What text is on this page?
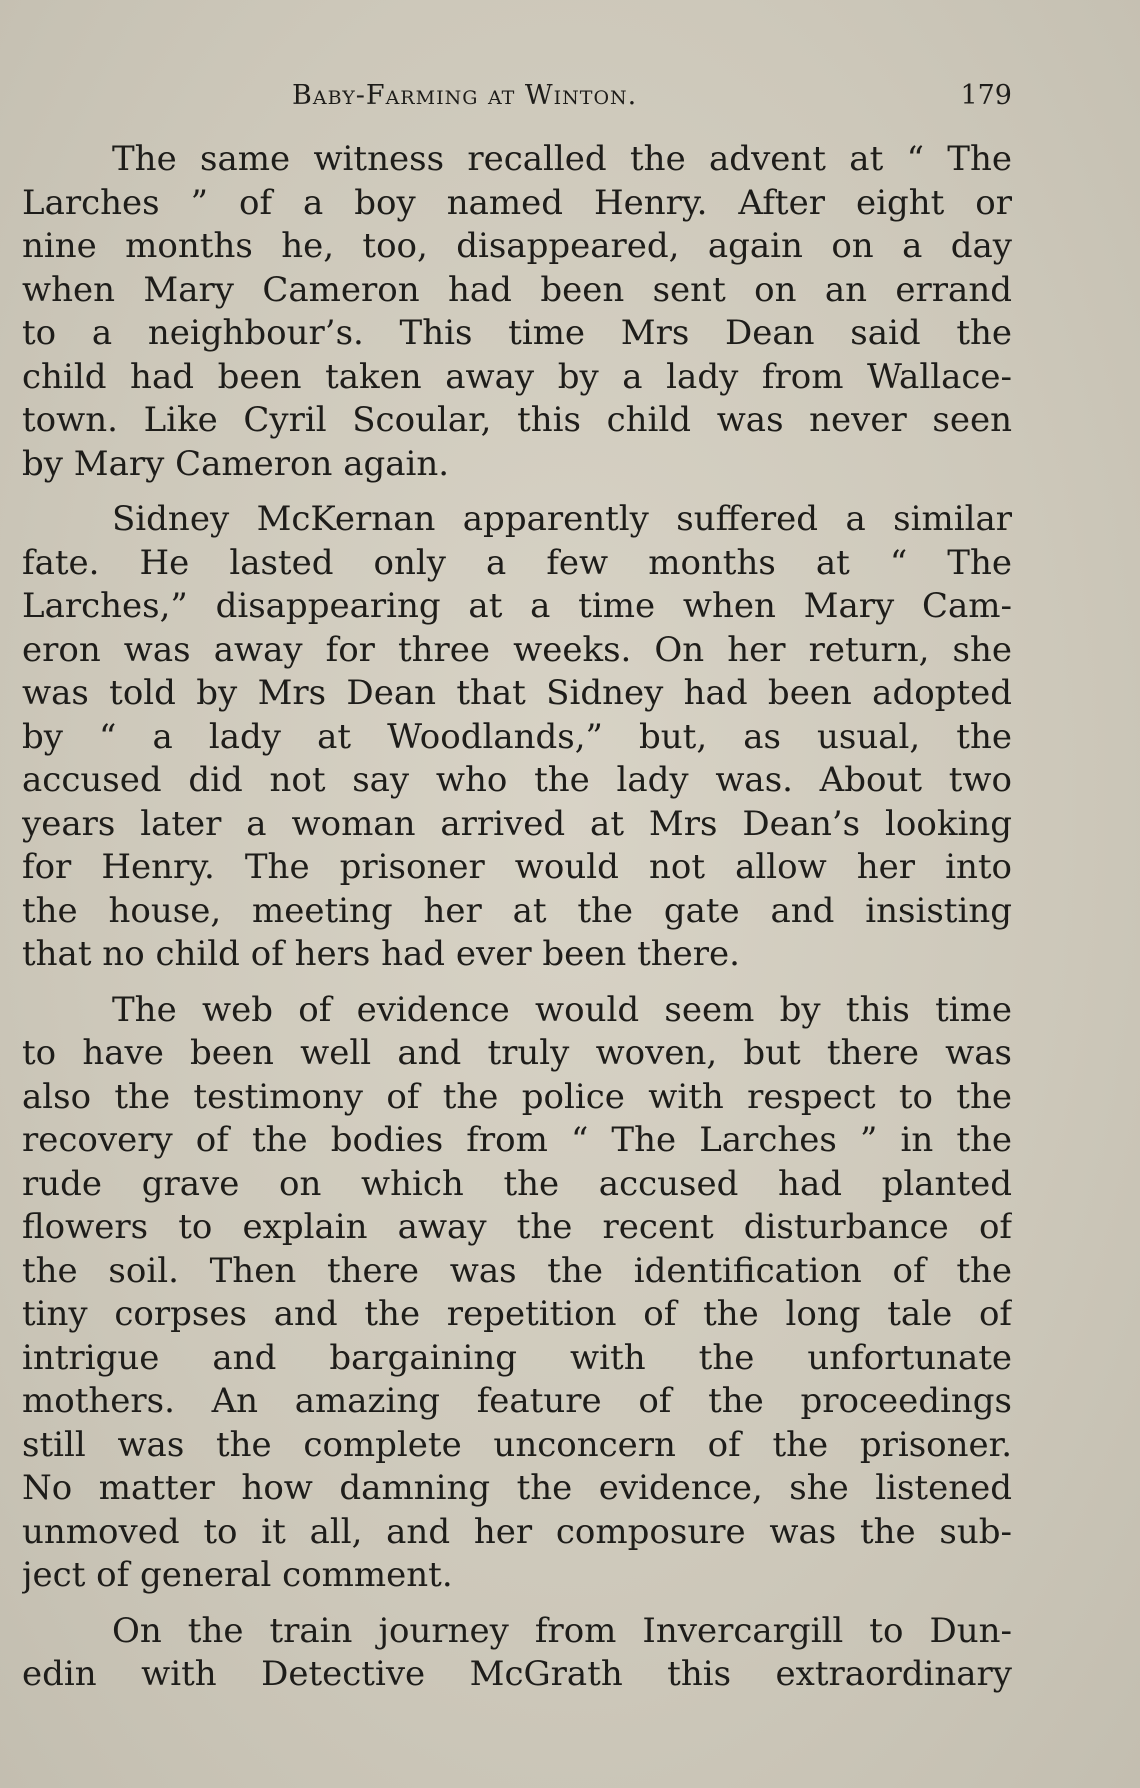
Baby-Farming at Winton.	179
The same witness recalled the advent at “ The
Larches ” of a boy named Henry. After eight or
nine months he, too, disappeared, again on a day
when Mary Cameron had been sent on an errand
to a neighbour’s. This time Mrs Dean said the
child had been taken away by a lady from Wallace-
town. Like Cyril Scoular, this child was never seen
by Mary Cameron again.
Sidney McKernan apparently suffered a similar
fate. He lasted only a few months at “ The
Larches,” disappearing at a time when Mary Cam-
eron was away for three weeks. On her return, she
was told by Mrs Dean that Sidney had been adopted
by “ a lady at Woodlands,” but, as usual, the
accused did not say who the lady was. About two
years later a woman arrived at Mrs Dean’s looking
for Henry. The prisoner would not allow her into
the house, meeting her at the gate and insisting
that no child of hers had ever been there.
The web of evidence would seem by this time
to have been well and truly woven, but there was
also the testimony of the police with respect to the
recovery of the bodies from “ The Larches ” in the
rude grave on which the accused had planted
flowers to explain away the recent disturbance of
the soil. Then there was the identification of the
tiny corpses and the repetition of the long tale of
intrigue and bargaining with the unfortunate
mothers. An amazing feature of the proceedings
still was the complete unconcern of the prisoner.
No matter how damning the evidence, she listened
unmoved to it all, and her composure was the sub-
ject of general comment.
On the train journey from Invercargill to Dun-
edin with Detective McGrath this extraordinary
